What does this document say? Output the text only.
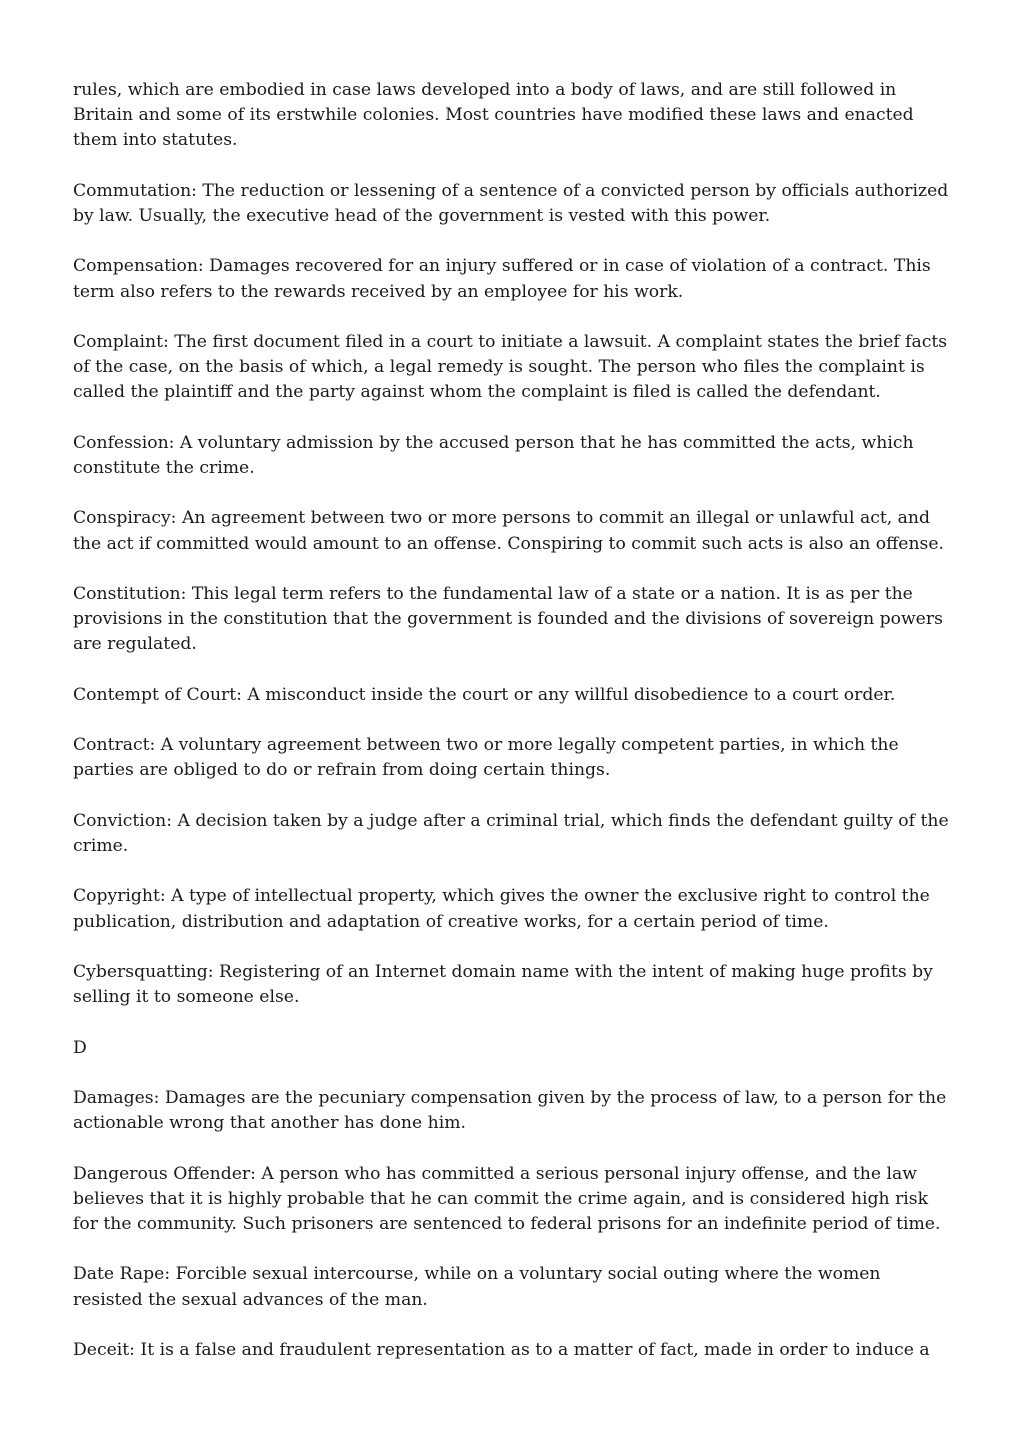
rules, which are embodied in case laws developed into a body of laws, and are still followed in Britain and some of its erstwhile colonies. Most countries have modified these laws and enacted them into statutes.

Commutation: The reduction or lessening of a sentence of a convicted person by officials authorized by law. Usually, the executive head of the government is vested with this power.

Compensation: Damages recovered for an injury suffered or in case of violation of a contract. This term also refers to the rewards received by an employee for his work.

Complaint: The first document filed in a court to initiate a lawsuit. A complaint states the brief facts of the case, on the basis of which, a legal remedy is sought. The person who files the complaint is called the plaintiff and the party against whom the complaint is filed is called the defendant.

Confession: A voluntary admission by the accused person that he has committed the acts, which constitute the crime.

Conspiracy: An agreement between two or more persons to commit an illegal or unlawful act, and the act if committed would amount to an offense. Conspiring to commit such acts is also an offense.

Constitution: This legal term refers to the fundamental law of a state or a nation. It is as per the provisions in the constitution that the government is founded and the divisions of sovereign powers are regulated.

Contempt of Court: A misconduct inside the court or any willful disobedience to a court order.

Contract: A voluntary agreement between two or more legally competent parties, in which the parties are obliged to do or refrain from doing certain things.

Conviction: A decision taken by a judge after a criminal trial, which finds the defendant guilty of the crime.

Copyright: A type of intellectual property, which gives the owner the exclusive right to control the publication, distribution and adaptation of creative works, for a certain period of time.

Cybersquatting: Registering of an Internet domain name with the intent of making huge profits by selling it to someone else.

D

Damages: Damages are the pecuniary compensation given by the process of law, to a person for the actionable wrong that another has done him.

Dangerous Offender: A person who has committed a serious personal injury offense, and the law believes that it is highly probable that he can commit the crime again, and is considered high risk for the community. Such prisoners are sentenced to federal prisons for an indefinite period of time.

Date Rape: Forcible sexual intercourse, while on a voluntary social outing where the women resisted the sexual advances of the man.

Deceit: It is a false and fraudulent representation as to a matter of fact, made in order to induce a
